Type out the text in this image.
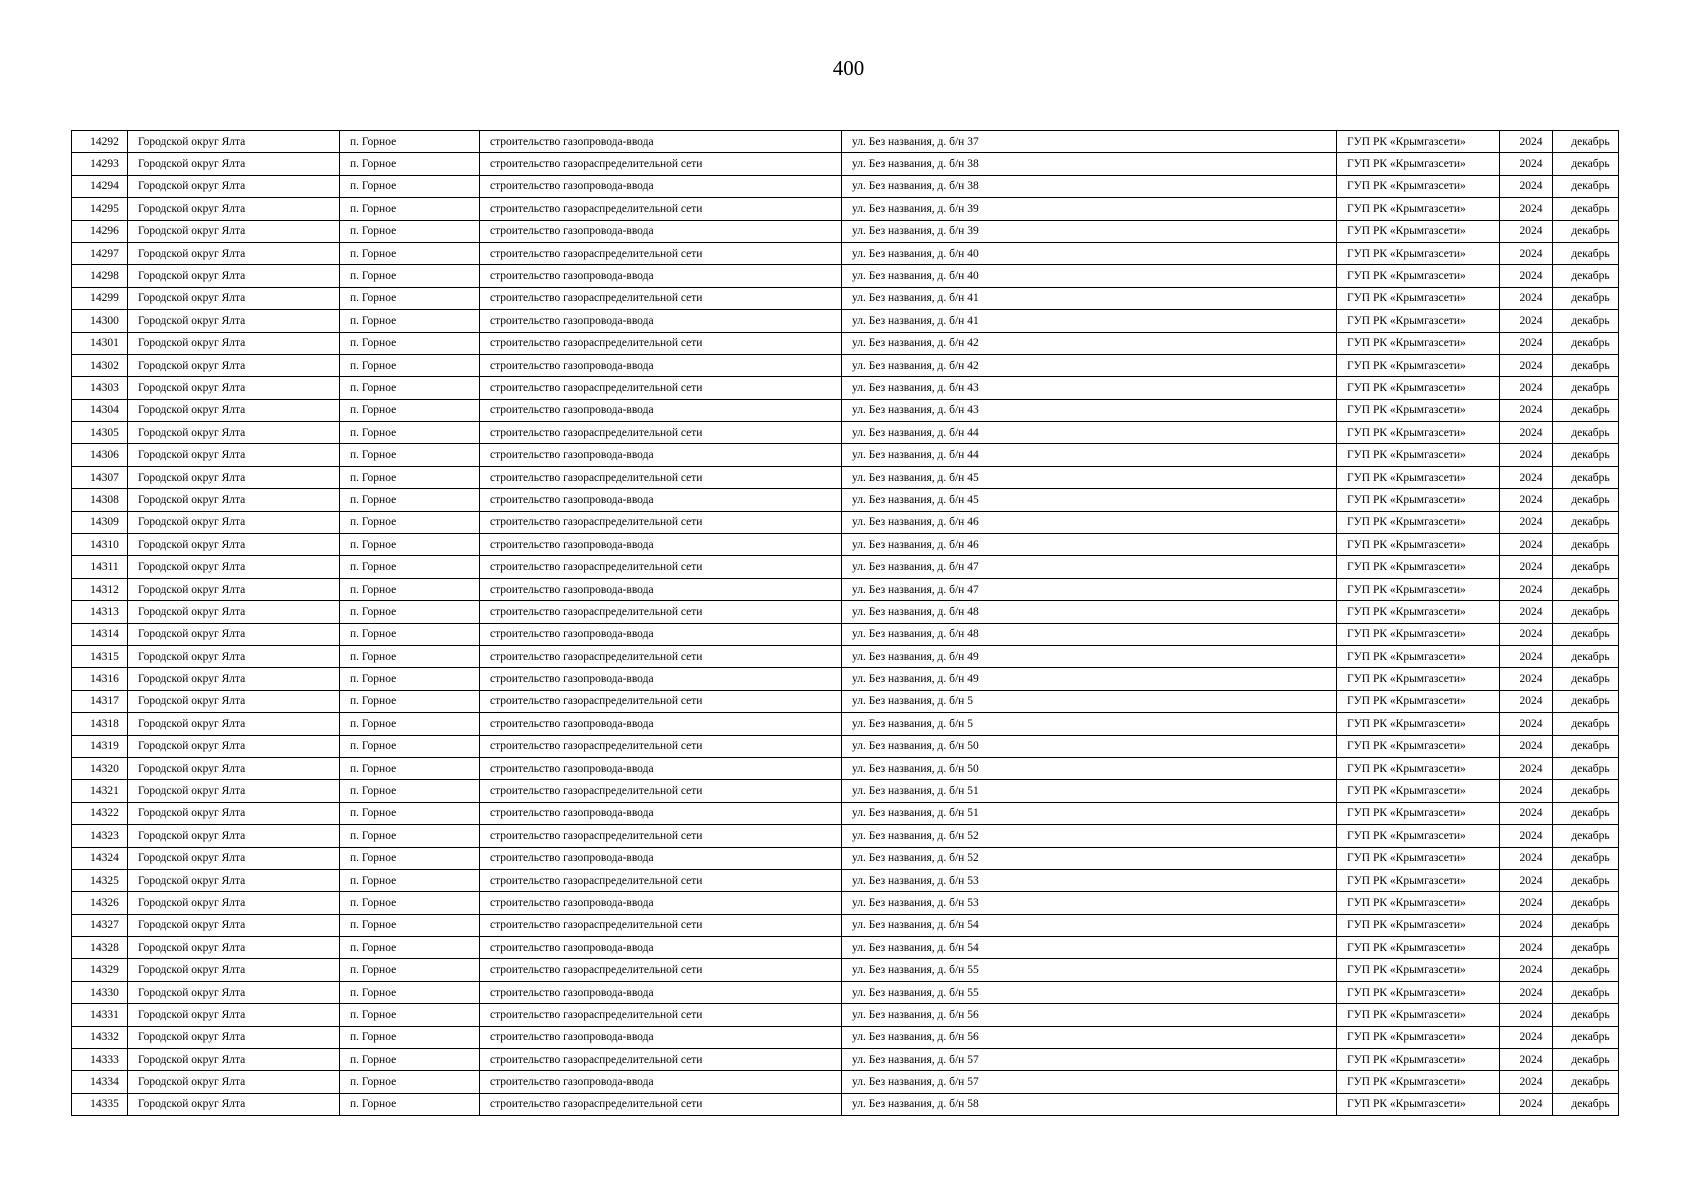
400
14292	Городской округ Ялта	п. Горное	строительство газопровода-ввода	ул. Без названия, д. б/н 37	ГУП РК «Крымгазсети»	2024	декабрь
14293	Городской округ Ялта	п. Горное	строительство газораспределительной сети	ул. Без названия, д. б/н 38	ГУП РК «Крымгазсети»	2024	декабрь
14294	Городской округ Ялта	п. Горное	строительство газопровода-ввода	ул. Без названия, д. б/н 38	ГУП РК «Крымгазсети»	2024	декабрь
14295	Городской округ Ялта	п. Горное	строительство газораспределительной сети	ул. Без названия, д. б/н 39	ГУП РК «Крымгазсети»	2024	декабрь
14296	Городской округ Ялта	п. Горное	строительство газопровода-ввода	ул. Без названия, д. б/н 39	ГУП РК «Крымгазсети»	2024	декабрь
14297	Городской округ Ялта	п. Горное	строительство газораспределительной сети	ул. Без названия, д. б/н 40	ГУП РК «Крымгазсети»	2024	декабрь
14298	Городской округ Ялта	п. Горное	строительство газопровода-ввода	ул. Без названия, д. б/н 40	ГУП РК «Крымгазсети»	2024	декабрь
14299	Городской округ Ялта	п. Горное	строительство газораспределительной сети	ул. Без названия, д. б/н 41	ГУП РК «Крымгазсети»	2024	декабрь
14300	Городской округ Ялта	п. Горное	строительство газопровода-ввода	ул. Без названия, д. б/н 41	ГУП РК «Крымгазсети»	2024	декабрь
14301	Городской округ Ялта	п. Горное	строительство газораспределительной сети	ул. Без названия, д. б/н 42	ГУП РК «Крымгазсети»	2024	декабрь
14302	Городской округ Ялта	п. Горное	строительство газопровода-ввода	ул. Без названия, д. б/н 42	ГУП РК «Крымгазсети»	2024	декабрь
14303	Городской округ Ялта	п. Горное	строительство газораспределительной сети	ул. Без названия, д. б/н 43	ГУП РК «Крымгазсети»	2024	декабрь
14304	Городской округ Ялта	п. Горное	строительство газопровода-ввода	ул. Без названия, д. б/н 43	ГУП РК «Крымгазсети»	2024	декабрь
14305	Городской округ Ялта	п. Горное	строительство газораспределительной сети	ул. Без названия, д. б/н 44	ГУП РК «Крымгазсети»	2024	декабрь
14306	Городской округ Ялта	п. Горное	строительство газопровода-ввода	ул. Без названия, д. б/н 44	ГУП РК «Крымгазсети»	2024	декабрь
14307	Городской округ Ялта	п. Горное	строительство газораспределительной сети	ул. Без названия, д. б/н 45	ГУП РК «Крымгазсети»	2024	декабрь
14308	Городской округ Ялта	п. Горное	строительство газопровода-ввода	ул. Без названия, д. б/н 45	ГУП РК «Крымгазсети»	2024	декабрь
14309	Городской округ Ялта	п. Горное	строительство газораспределительной сети	ул. Без названия, д. б/н 46	ГУП РК «Крымгазсети»	2024	декабрь
14310	Городской округ Ялта	п. Горное	строительство газопровода-ввода	ул. Без названия, д. б/н 46	ГУП РК «Крымгазсети»	2024	декабрь
14311	Городской округ Ялта	п. Горное	строительство газораспределительной сети	ул. Без названия, д. б/н 47	ГУП РК «Крымгазсети»	2024	декабрь
14312	Городской округ Ялта	п. Горное	строительство газопровода-ввода	ул. Без названия, д. б/н 47	ГУП РК «Крымгазсети»	2024	декабрь
14313	Городской округ Ялта	п. Горное	строительство газораспределительной сети	ул. Без названия, д. б/н 48	ГУП РК «Крымгазсети»	2024	декабрь
14314	Городской округ Ялта	п. Горное	строительство газопровода-ввода	ул. Без названия, д. б/н 48	ГУП РК «Крымгазсети»	2024	декабрь
14315	Городской округ Ялта	п. Горное	строительство газораспределительной сети	ул. Без названия, д. б/н 49	ГУП РК «Крымгазсети»	2024	декабрь
14316	Городской округ Ялта	п. Горное	строительство газопровода-ввода	ул. Без названия, д. б/н 49	ГУП РК «Крымгазсети»	2024	декабрь
14317	Городской округ Ялта	п. Горное	строительство газораспределительной сети	ул. Без названия, д. б/н 5	ГУП РК «Крымгазсети»	2024	декабрь
14318	Городской округ Ялта	п. Горное	строительство газопровода-ввода	ул. Без названия, д. б/н 5	ГУП РК «Крымгазсети»	2024	декабрь
14319	Городской округ Ялта	п. Горное	строительство газораспределительной сети	ул. Без названия, д. б/н 50	ГУП РК «Крымгазсети»	2024	декабрь
14320	Городской округ Ялта	п. Горное	строительство газопровода-ввода	ул. Без названия, д. б/н 50	ГУП РК «Крымгазсети»	2024	декабрь
14321	Городской округ Ялта	п. Горное	строительство газораспределительной сети	ул. Без названия, д. б/н 51	ГУП РК «Крымгазсети»	2024	декабрь
14322	Городской округ Ялта	п. Горное	строительство газопровода-ввода	ул. Без названия, д. б/н 51	ГУП РК «Крымгазсети»	2024	декабрь
14323	Городской округ Ялта	п. Горное	строительство газораспределительной сети	ул. Без названия, д. б/н 52	ГУП РК «Крымгазсети»	2024	декабрь
14324	Городской округ Ялта	п. Горное	строительство газопровода-ввода	ул. Без названия, д. б/н 52	ГУП РК «Крымгазсети»	2024	декабрь
14325	Городской округ Ялта	п. Горное	строительство газораспределительной сети	ул. Без названия, д. б/н 53	ГУП РК «Крымгазсети»	2024	декабрь
14326	Городской округ Ялта	п. Горное	строительство газопровода-ввода	ул. Без названия, д. б/н 53	ГУП РК «Крымгазсети»	2024	декабрь
14327	Городской округ Ялта	п. Горное	строительство газораспределительной сети	ул. Без названия, д. б/н 54	ГУП РК «Крымгазсети»	2024	декабрь
14328	Городской округ Ялта	п. Горное	строительство газопровода-ввода	ул. Без названия, д. б/н 54	ГУП РК «Крымгазсети»	2024	декабрь
14329	Городской округ Ялта	п. Горное	строительство газораспределительной сети	ул. Без названия, д. б/н 55	ГУП РК «Крымгазсети»	2024	декабрь
14330	Городской округ Ялта	п. Горное	строительство газопровода-ввода	ул. Без названия, д. б/н 55	ГУП РК «Крымгазсети»	2024	декабрь
14331	Городской округ Ялта	п. Горное	строительство газораспределительной сети	ул. Без названия, д. б/н 56	ГУП РК «Крымгазсети»	2024	декабрь
14332	Городской округ Ялта	п. Горное	строительство газопровода-ввода	ул. Без названия, д. б/н 56	ГУП РК «Крымгазсети»	2024	декабрь
14333	Городской округ Ялта	п. Горное	строительство газораспределительной сети	ул. Без названия, д. б/н 57	ГУП РК «Крымгазсети»	2024	декабрь
14334	Городской округ Ялта	п. Горное	строительство газопровода-ввода	ул. Без названия, д. б/н 57	ГУП РК «Крымгазсети»	2024	декабрь
14335	Городской округ Ялта	п. Горное	строительство газораспределительной сети	ул. Без названия, д. б/н 58	ГУП РК «Крымгазсети»	2024	декабрь
